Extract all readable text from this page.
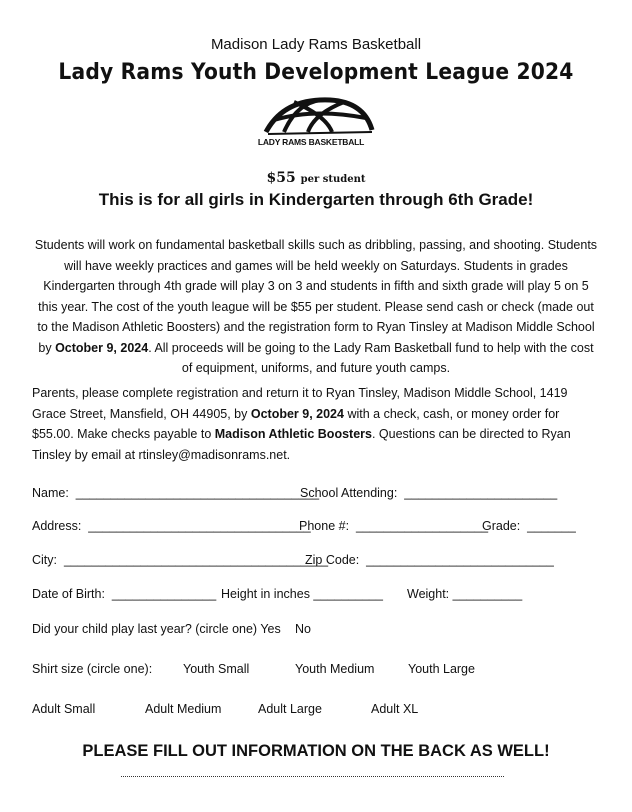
Madison Lady Rams Basketball
Lady Rams Youth Development League 2024
LADY RAMS BASKETBALL
$55 per student
This is for all girls in Kindergarten through 6th Grade!
Students will work on fundamental basketball skills such as dribbling, passing, and shooting. Students will have weekly practices and games will be held weekly on Saturdays. Students in grades Kindergarten through 4th grade will play 3 on 3 and students in fifth and sixth grade will play 5 on 5 this year. The cost of the youth league will be $55 per student. Please send cash or check (made out to the Madison Athletic Boosters) and the registration form to Ryan Tinsley at Madison Middle School by October 9, 2024. All proceeds will be going to the Lady Ram Basketball fund to help with the cost of equipment, uniforms, and future youth camps.
Parents, please complete registration and return it to Ryan Tinsley, Madison Middle School, 1419 Grace Street, Mansfield, OH 44905, by October 9, 2024 with a check, cash, or money order for $55.00. Make checks payable to Madison Athletic Boosters. Questions can be directed to Ryan Tinsley by email at rtinsley@madisonrams.net.
Name:  ___________________________________
School Attending:  ______________________
Address:  ________________________________
Phone #:  ___________________
Grade:  _______
City:  ______________________________________
Zip Code:  ___________________________
Date of Birth:  _______________ Height in inches __________ Weight: __________
Did your child play last year? (circle one) Yes No
Shirt size (circle one): Youth Small	Youth Medium	Youth Large
Adult Small	Adult Medium	Adult Large	Adult XL
PLEASE FILL OUT INFORMATION ON THE BACK AS WELL!
